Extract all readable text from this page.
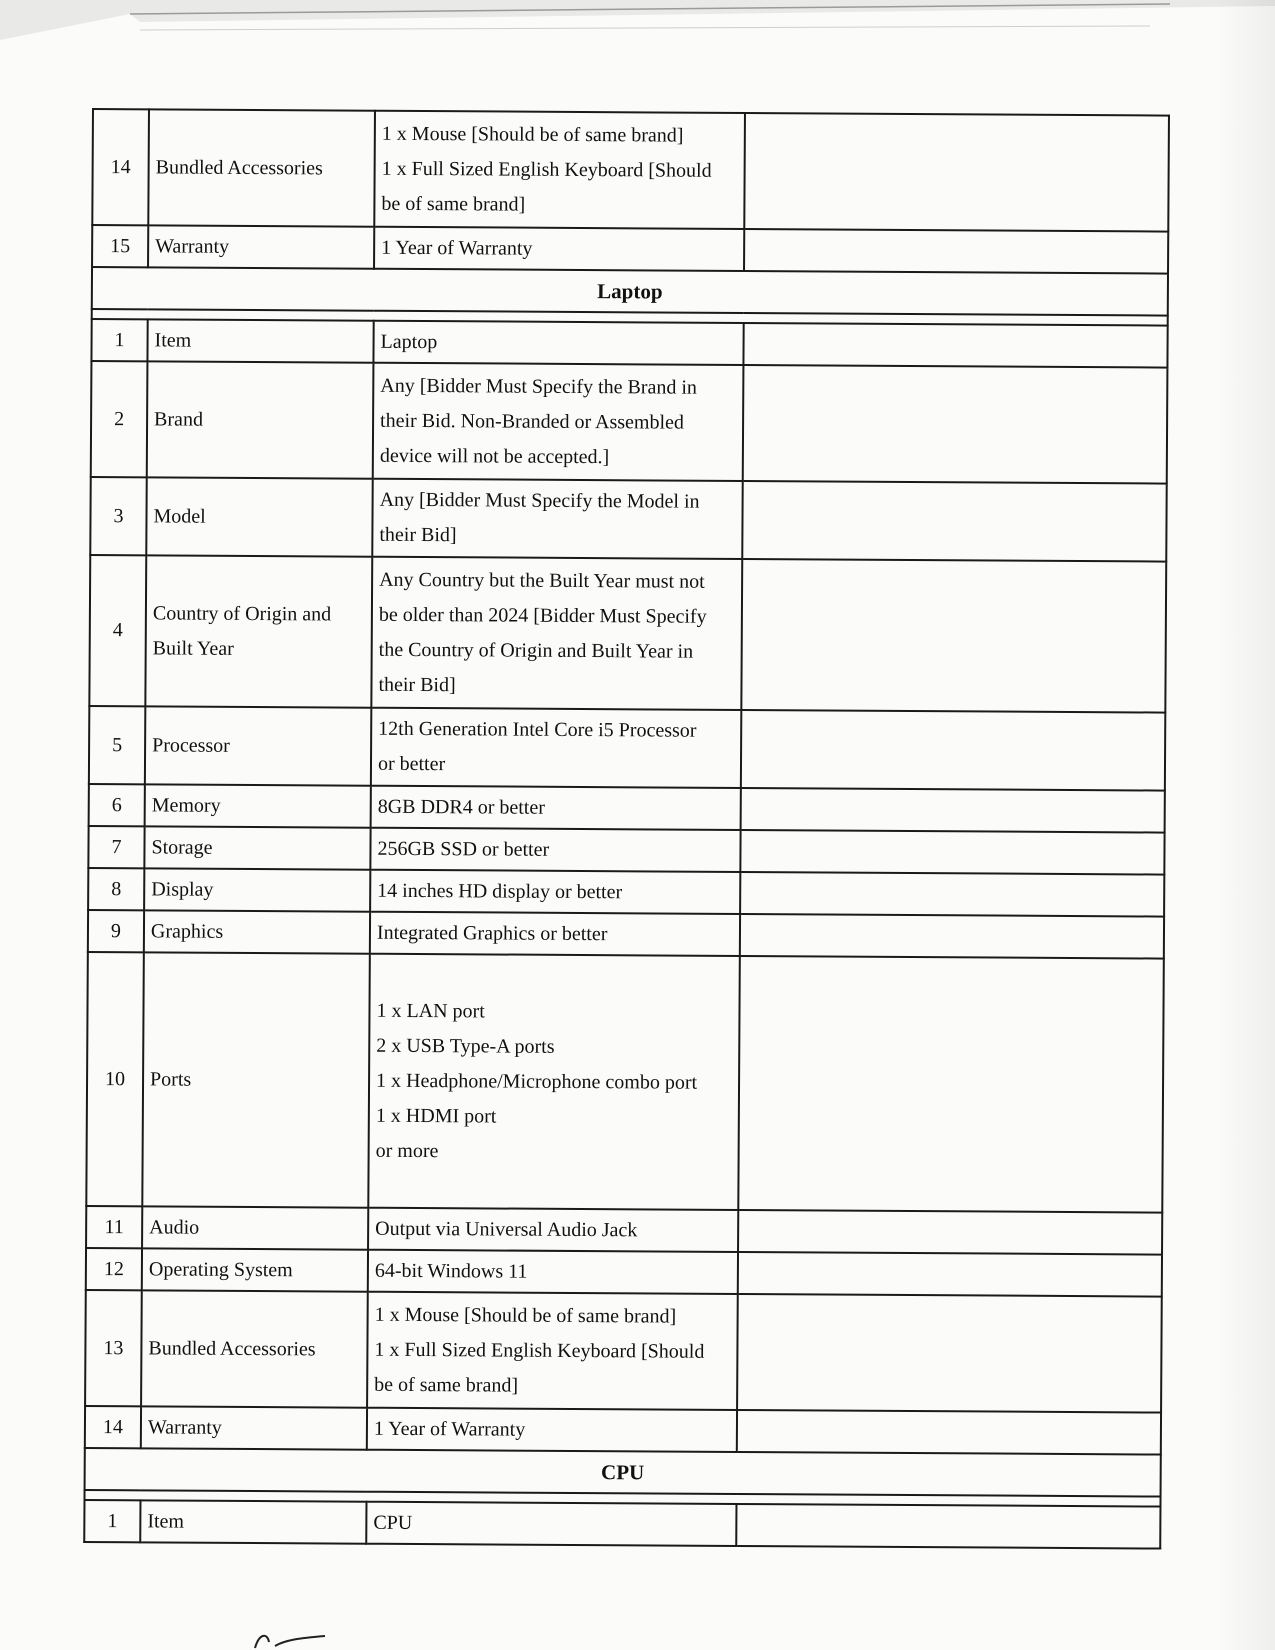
14	Bundled Accessories	1 x Mouse [Should be of same brand]
1 x Full Sized English Keyboard [Should
be of same brand]	

15	Warranty	1 Year of Warranty	

Laptop			

1	Item	Laptop	

2	Brand	Any [Bidder Must Specify the Brand in
their Bid. Non-Branded or Assembled
device will not be accepted.]	

3	Model	Any [Bidder Must Specify the Model in
their Bid]	

4	Country of Origin and Built Year	Any Country but the Built Year must not
be older than 2024 [Bidder Must Specify
the Country of Origin and Built Year in
their Bid]	

5	Processor	12th Generation Intel Core i5 Processor
or better	

6	Memory	8GB DDR4 or better	

7	Storage	256GB SSD or better	

8	Display	14 inches HD display or better	

9	Graphics	Integrated Graphics or better	

10	Ports	1 x LAN port
2 x USB Type-A ports
1 x Headphone/Microphone combo port
1 x HDMI port
or more	

11	Audio	Output via Universal Audio Jack	

12	Operating System	64-bit Windows 11	

13	Bundled Accessories	1 x Mouse [Should be of same brand]
1 x Full Sized English Keyboard [Should
be of same brand]	

14	Warranty	1 Year of Warranty	

CPU			

1	Item	CPU	
